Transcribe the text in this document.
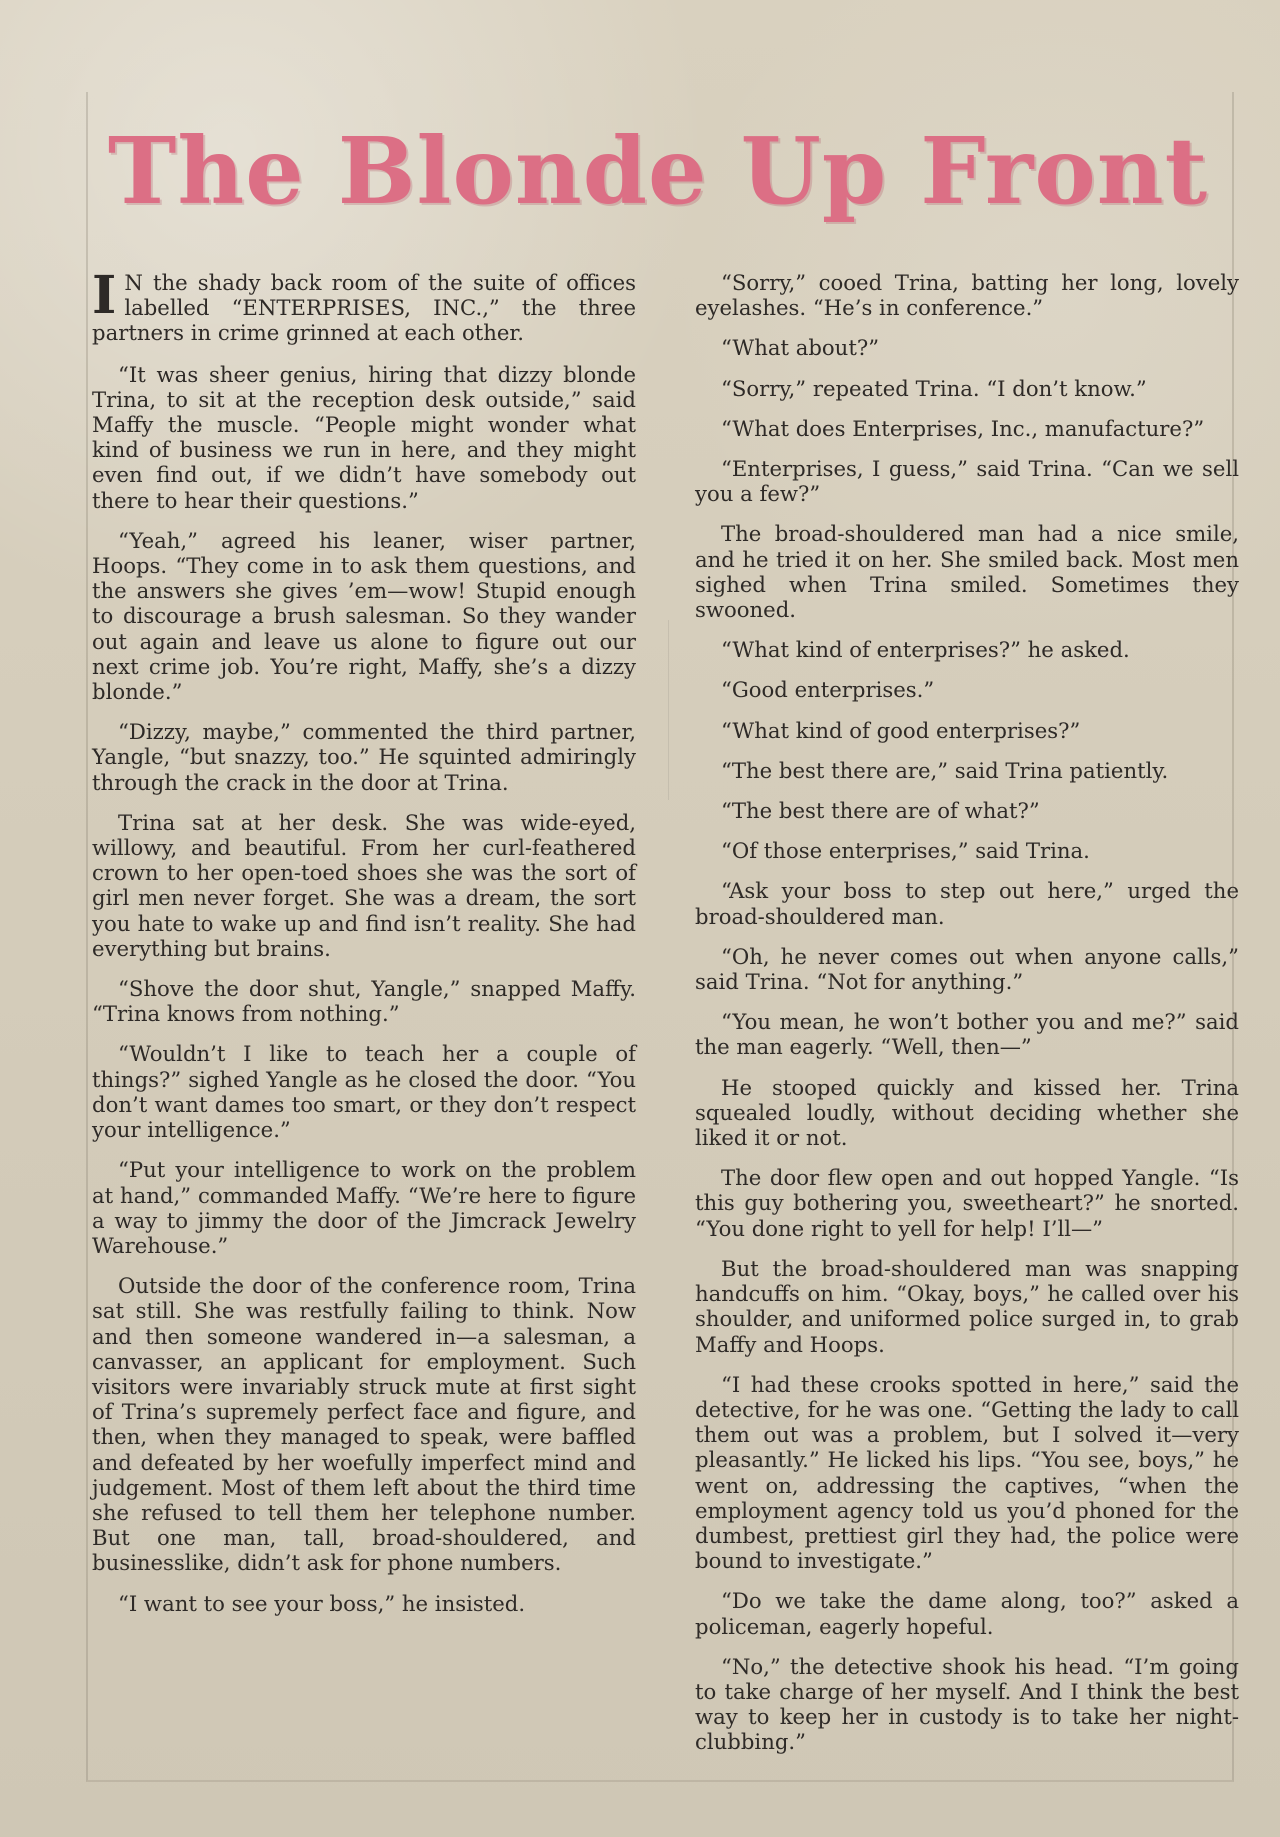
The Blonde Up Front

I N the shady back room of the suite of offices labelled “ENTERPRISES, INC.,” the three partners in crime grinned at each other.

“It was sheer genius, hiring that dizzy blonde Trina, to sit at the reception desk outside,” said Maffy the muscle. “People might wonder what kind of business we run in here, and they might even find out, if we didn’t have somebody out there to hear their questions.”

“Yeah,” agreed his leaner, wiser partner, Hoops. “They come in to ask them questions, and the answers she gives ’em—wow! Stupid enough to discourage a brush salesman. So they wander out again and leave us alone to figure out our next crime job. You’re right, Maffy, she’s a dizzy blonde.”

“Dizzy, maybe,” commented the third partner, Yangle, “but snazzy, too.” He squinted admiringly through the crack in the door at Trina.

Trina sat at her desk. She was wide-eyed, willowy, and beautiful. From her curl-feathered crown to her open-toed shoes she was the sort of girl men never forget. She was a dream, the sort you hate to wake up and find isn’t reality. She had everything but brains.

“Shove the door shut, Yangle,” snapped Maffy. “Trina knows from nothing.”

“Wouldn’t I like to teach her a couple of things?” sighed Yangle as he closed the door. “You don’t want dames too smart, or they don’t respect your intelligence.”

“Put your intelligence to work on the problem at hand,” commanded Maffy. “We’re here to figure a way to jimmy the door of the Jimcrack Jewelry Warehouse.”

Outside the door of the conference room, Trina sat still. She was restfully failing to think. Now and then someone wandered in—a salesman, a canvasser, an applicant for employment. Such visitors were invariably struck mute at first sight of Trina’s supremely perfect face and figure, and then, when they managed to speak, were baffled and defeated by her woefully imperfect mind and judgement. Most of them left about the third time she refused to tell them her telephone number. But one man, tall, broad-shouldered, and businesslike, didn’t ask for phone numbers.

“I want to see your boss,” he insisted.

“Sorry,” cooed Trina, batting her long, lovely eyelashes. “He’s in conference.”

“What about?”

“Sorry,” repeated Trina. “I don’t know.”

“What does Enterprises, Inc., manufacture?”

“Enterprises, I guess,” said Trina. “Can we sell you a few?”

The broad-shouldered man had a nice smile, and he tried it on her. She smiled back. Most men sighed when Trina smiled. Sometimes they swooned.

“What kind of enterprises?” he asked.

“Good enterprises.”

“What kind of good enterprises?”

“The best there are,” said Trina patiently.

“The best there are of what?”

“Of those enterprises,” said Trina.

“Ask your boss to step out here,” urged the broad-shouldered man.

“Oh, he never comes out when anyone calls,” said Trina. “Not for anything.”

“You mean, he won’t bother you and me?” said the man eagerly. “Well, then—”

He stooped quickly and kissed her. Trina squealed loudly, without deciding whether she liked it or not.

The door flew open and out hopped Yangle. “Is this guy bothering you, sweetheart?” he snorted. “You done right to yell for help! I’ll—”

But the broad-shouldered man was snapping handcuffs on him. “Okay, boys,” he called over his shoulder, and uniformed police surged in, to grab Maffy and Hoops.

“I had these crooks spotted in here,” said the detective, for he was one. “Getting the lady to call them out was a problem, but I solved it—very pleasantly.” He licked his lips. “You see, boys,” he went on, addressing the captives, “when the employment agency told us you’d phoned for the dumbest, prettiest girl they had, the police were bound to investigate.”

“Do we take the dame along, too?” asked a policeman, eagerly hopeful.

“No,” the detective shook his head. “I’m going to take charge of her myself. And I think the best way to keep her in custody is to take her night-clubbing.”
